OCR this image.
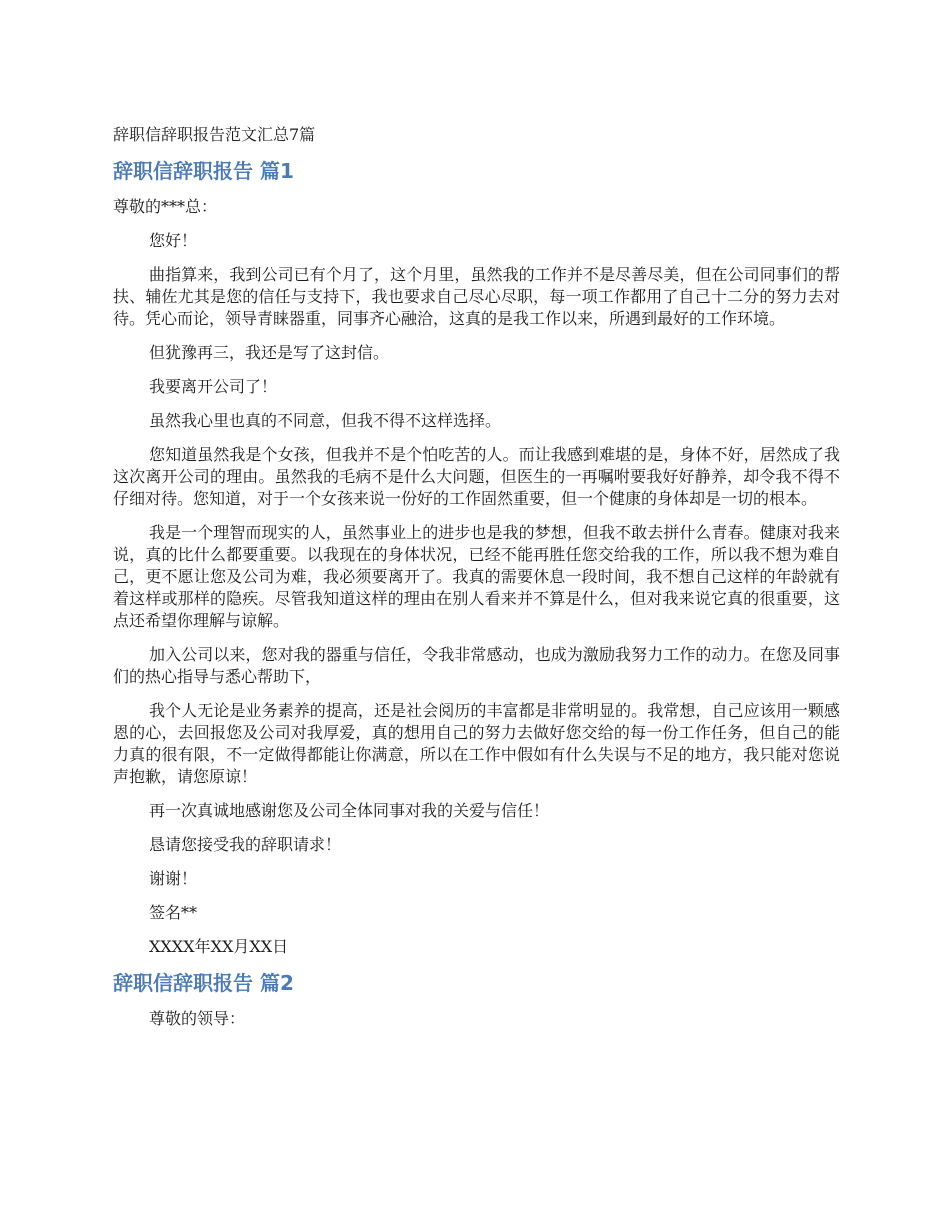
辞职信辞职报告范文汇总7篇

辞职信辞职报告 篇1

尊敬的***总：

您好！

曲指算来，我到公司已有个月了，这个月里，虽然我的工作并不是尽善尽美，但在公司同事们的帮扶、辅佐尤其是您的信任与支持下，我也要求自己尽心尽职，每一项工作都用了自己十二分的努力去对待。凭心而论，领导青睐器重，同事齐心融洽，这真的是我工作以来，所遇到最好的工作环境。

但犹豫再三，我还是写了这封信。

我要离开公司了！

虽然我心里也真的不同意，但我不得不这样选择。

您知道虽然我是个女孩，但我并不是个怕吃苦的人。而让我感到难堪的是，身体不好，居然成了我这次离开公司的理由。虽然我的毛病不是什么大问题，但医生的一再嘱咐要我好好静养，却令我不得不仔细对待。您知道，对于一个女孩来说一份好的工作固然重要，但一个健康的身体却是一切的根本。

我是一个理智而现实的人，虽然事业上的进步也是我的梦想，但我不敢去拼什么青春。健康对我来说，真的比什么都要重要。以我现在的身体状况，已经不能再胜任您交给我的工作，所以我不想为难自己，更不愿让您及公司为难，我必须要离开了。我真的需要休息一段时间，我不想自己这样的年龄就有着这样或那样的隐疾。尽管我知道这样的理由在别人看来并不算是什么，但对我来说它真的很重要，这点还希望你理解与谅解。

加入公司以来，您对我的器重与信任，令我非常感动，也成为激励我努力工作的动力。在您及同事们的热心指导与悉心帮助下，

我个人无论是业务素养的提高，还是社会阅历的丰富都是非常明显的。我常想，自己应该用一颗感恩的心，去回报您及公司对我厚爱，真的想用自己的努力去做好您交给的每一份工作任务，但自己的能力真的很有限，不一定做得都能让你满意，所以在工作中假如有什么失误与不足的地方，我只能对您说声抱歉，请您原谅！

再一次真诚地感谢您及公司全体同事对我的关爱与信任！

恳请您接受我的辞职请求！

谢谢！

签名**

XXXX年XX月XX日

辞职信辞职报告 篇2

尊敬的领导：
